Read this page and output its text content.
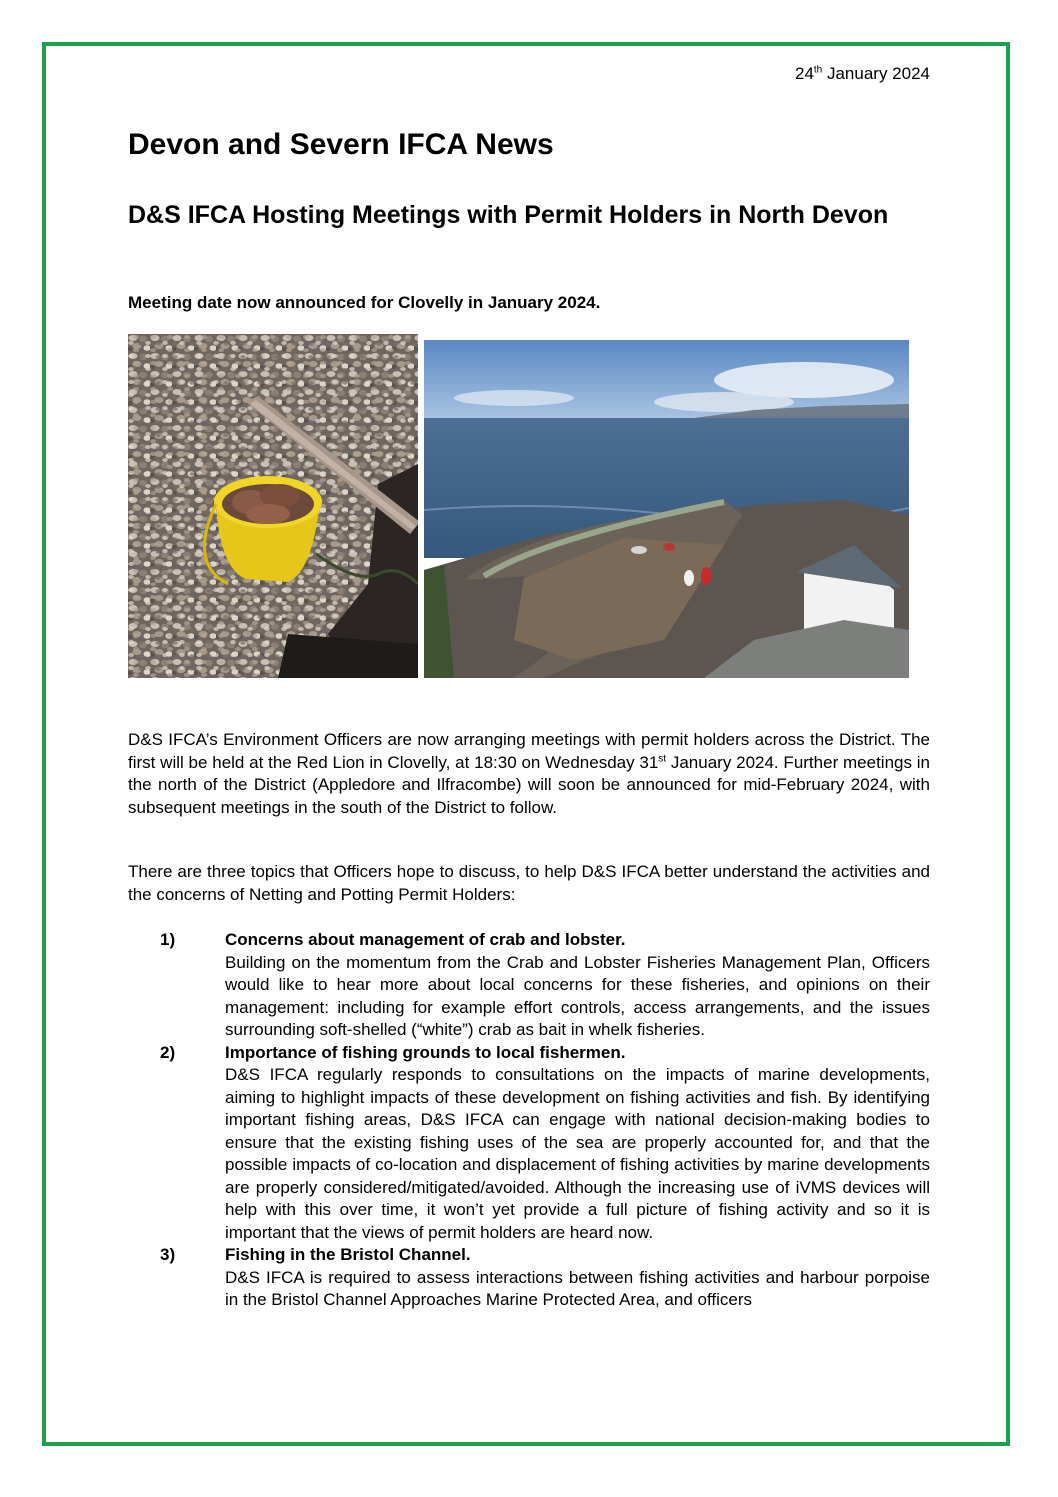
24th January 2024
Devon and Severn IFCA News
D&S IFCA Hosting Meetings with Permit Holders in North Devon

Meeting date now announced for Clovelly in January 2024.

D&S IFCA’s Environment Officers are now arranging meetings with permit holders across the District. The first will be held at the Red Lion in Clovelly, at 18:30 on Wednesday 31st January 2024. Further meetings in the north of the District (Appledore and Ilfracombe) will soon be announced for mid-February 2024, with subsequent meetings in the south of the District to follow.

There are three topics that Officers hope to discuss, to help D&S IFCA better understand the activities and the concerns of Netting and Potting Permit Holders:

1)	Concerns about management of crab and lobster.
Building on the momentum from the Crab and Lobster Fisheries Management Plan, Officers would like to hear more about local concerns for these fisheries, and opinions on their management: including for example effort controls, access arrangements, and the issues surrounding soft-shelled (“white”) crab as bait in whelk fisheries.
2)	Importance of fishing grounds to local fishermen.
D&S IFCA regularly responds to consultations on the impacts of marine developments, aiming to highlight impacts of these development on fishing activities and fish. By identifying important fishing areas, D&S IFCA can engage with national decision-making bodies to ensure that the existing fishing uses of the sea are properly accounted for, and that the possible impacts of co-location and displacement of fishing activities by marine developments are properly considered/mitigated/avoided. Although the increasing use of iVMS devices will help with this over time, it won’t yet provide a full picture of fishing activity and so it is important that the views of permit holders are heard now.
3)	Fishing in the Bristol Channel.
D&S IFCA is required to assess interactions between fishing activities and harbour porpoise in the Bristol Channel Approaches Marine Protected Area, and officers
